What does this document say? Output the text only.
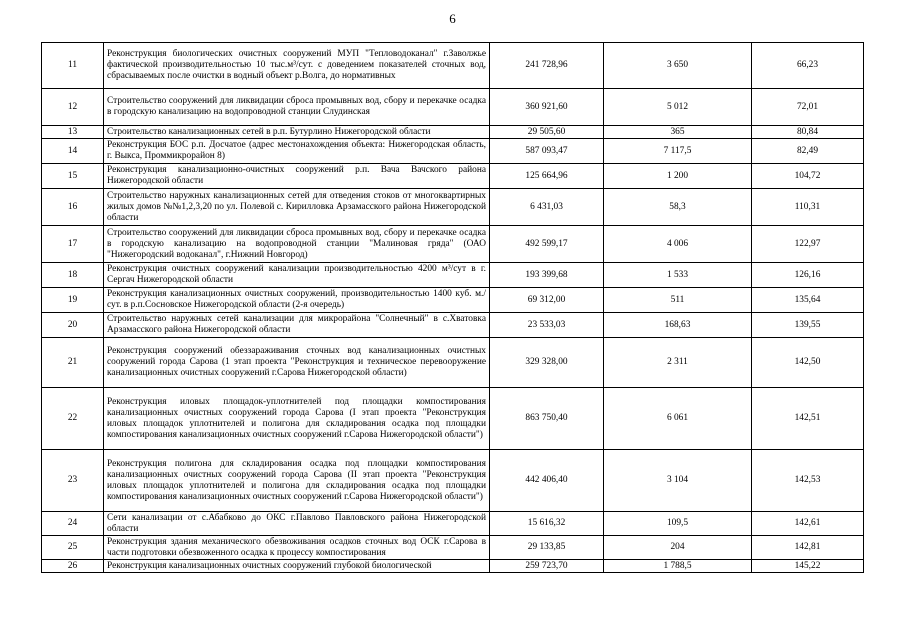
6
11	Реконструкция биологических очистных сооружений МУП "Тепловодоканал" г.Заволжье фактической производительностью 10 тыс.м³/сут. с доведением показателей сточных вод, сбрасываемых после очистки в водный объект р.Волга, до нормативных	241 728,96	3 650	66,23
12	Строительство сооружений для ликвидации сброса промывных вод, сбору и перекачке осадка в городскую канализацию на водопроводной станции Слудинская	360 921,60	5 012	72,01
13	Строительство канализационных сетей в р.п. Бутурлино Нижегородской области	29 505,60	365	80,84
14	Реконструкция БОС р.п. Досчатое (адрес местонахождения объекта: Нижегородская область, г. Выкса, Проммикрорайон 8)	587 093,47	7 117,5	82,49
15	Реконструкция канализационно-очистных сооружений р.п. Вача Вачского района Нижегородской области	125 664,96	1 200	104,72
16	Строительство наружных канализационных сетей для отведения стоков от многоквартирных жилых домов №№1,2,3,20 по ул. Полевой с. Кирилловка Арзамасского района Нижегородской области	6 431,03	58,3	110,31
17	Строительство сооружений для ликвидации сброса промывных вод, сбору и перекачке осадка в городскую канализацию на водопроводной станции "Малиновая гряда" (ОАО "Нижегородский водоканал", г.Нижний Новгород)	492 599,17	4 006	122,97
18	Реконструкция очистных сооружений канализации производительностью 4200 м³/сут в г. Сергач Нижегородской области	193 399,68	1 533	126,16
19	Реконструкция канализационных очистных сооружений, производительностью 1400 куб. м./сут. в р.п.Сосновское Нижегородской области (2-я очередь)	69 312,00	511	135,64
20	Строительство наружных сетей канализации для микрорайона "Солнечный" в с.Хватовка Арзамасского района Нижегородской области	23 533,03	168,63	139,55
21	Реконструкция сооружений обеззараживания сточных вод канализационных очистных сооружений города Сарова (1 этап проекта "Реконструкция и техническое перевооружение канализационных очистных сооружений г.Сарова Нижегородской области)	329 328,00	2 311	142,50
22	Реконструкция иловых площадок-уплотнителей под площадки компостирования канализационных очистных сооружений города Сарова (I этап проекта "Реконструкция иловых площадок уплотнителей и полигона для складирования осадка под площадки компостирования канализационных очистных сооружений г.Сарова Нижегородской области")	863 750,40	6 061	142,51
23	Реконструкция полигона для складирования осадка под площадки компостирования канализационных очистных сооружений города Сарова (II этап проекта "Реконструкция иловых площадок уплотнителей и полигона для складирования осадка под площадки компостирования канализационных очистных сооружений г.Сарова Нижегородской области")	442 406,40	3 104	142,53
24	Сети канализации от с.Абабково до ОКС г.Павлово Павловского района Нижегородской области	15 616,32	109,5	142,61
25	Реконструкция здания механического обезвоживания осадков сточных вод ОСК г.Сарова в части подготовки обезвоженного осадка к процессу компостирования	29 133,85	204	142,81
26	Реконструкция канализационных очистных сооружений глубокой биологической	259 723,70	1 788,5	145,22
